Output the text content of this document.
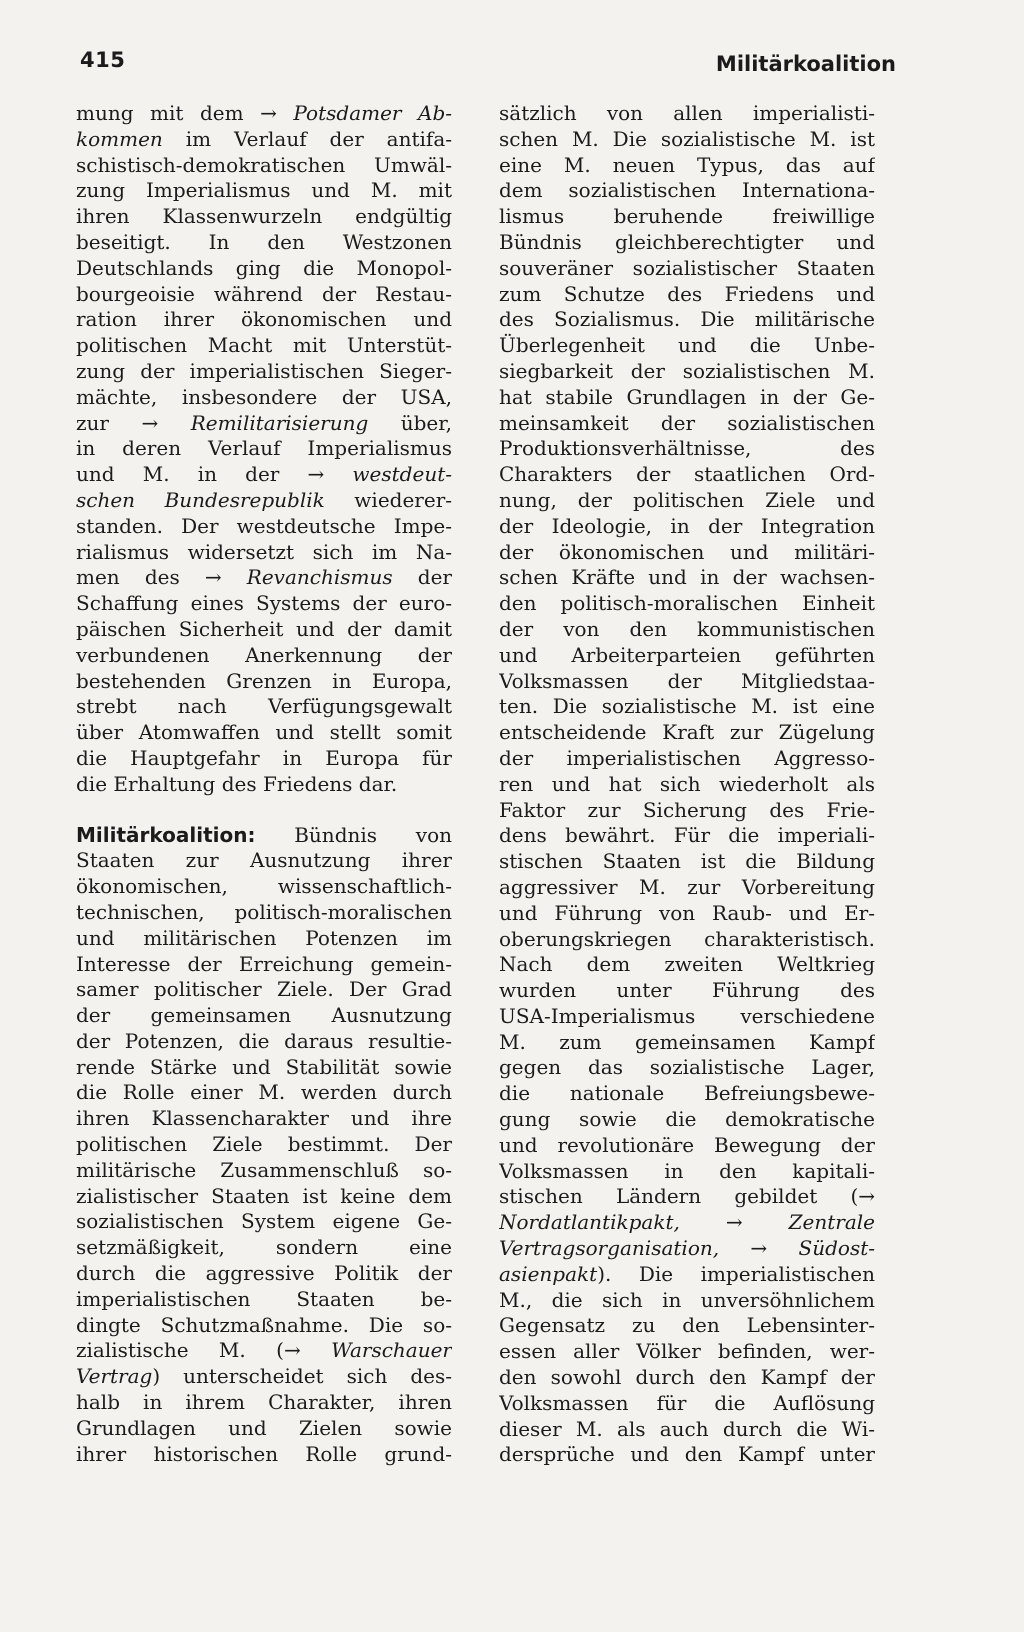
415	Militärkoalition
mung mit dem → Potsdamer Ab-
kommen im Verlauf der antifa-
schistisch-demokratischen Umwäl-
zung Imperialismus und M. mit
ihren Klassenwurzeln endgültig
beseitigt. In den Westzonen
Deutschlands ging die Monopol-
bourgeoisie während der Restau-
ration ihrer ökonomischen und
politischen Macht mit Unterstüt-
zung der imperialistischen Sieger-
mächte, insbesondere der USA,
zur → Remilitarisierung über,
in deren Verlauf Imperialismus
und M. in der → westdeut-
schen Bundesrepublik wiederer-
standen. Der westdeutsche Impe-
rialismus widersetzt sich im Na-
men des → Revanchismus der
Schaffung eines Systems der euro-
päischen Sicherheit und der damit
verbundenen Anerkennung der
bestehenden Grenzen in Europa,
strebt nach Verfügungsgewalt
über Atomwaffen und stellt somit
die Hauptgefahr in Europa für
die Erhaltung des Friedens dar.
Militärkoalition: Bündnis von
Staaten zur Ausnutzung ihrer
ökonomischen, wissenschaftlich-
technischen, politisch-moralischen
und militärischen Potenzen im
Interesse der Erreichung gemein-
samer politischer Ziele. Der Grad
der gemeinsamen Ausnutzung
der Potenzen, die daraus resultie-
rende Stärke und Stabilität sowie
die Rolle einer M. werden durch
ihren Klassencharakter und ihre
politischen Ziele bestimmt. Der
militärische Zusammenschluß so-
zialistischer Staaten ist keine dem
sozialistischen System eigene Ge-
setzmäßigkeit, sondern eine
durch die aggressive Politik der
imperialistischen Staaten be-
dingte Schutzmaßnahme. Die so-
zialistische M. (→ Warschauer
Vertrag) unterscheidet sich des-
halb in ihrem Charakter, ihren
Grundlagen und Zielen sowie
ihrer historischen Rolle grund-
sätzlich von allen imperialisti-
schen M. Die sozialistische M. ist
eine M. neuen Typus, das auf
dem sozialistischen Internationa-
lismus beruhende freiwillige
Bündnis gleichberechtigter und
souveräner sozialistischer Staaten
zum Schutze des Friedens und
des Sozialismus. Die militärische
Überlegenheit und die Unbe-
siegbarkeit der sozialistischen M.
hat stabile Grundlagen in der Ge-
meinsamkeit der sozialistischen
Produktionsverhältnisse, des
Charakters der staatlichen Ord-
nung, der politischen Ziele und
der Ideologie, in der Integration
der ökonomischen und militäri-
schen Kräfte und in der wachsen-
den politisch-moralischen Einheit
der von den kommunistischen
und Arbeiterparteien geführten
Volksmassen der Mitgliedstaa-
ten. Die sozialistische M. ist eine
entscheidende Kraft zur Zügelung
der imperialistischen Aggresso-
ren und hat sich wiederholt als
Faktor zur Sicherung des Frie-
dens bewährt. Für die imperiali-
stischen Staaten ist die Bildung
aggressiver M. zur Vorbereitung
und Führung von Raub- und Er-
oberungskriegen charakteristisch.
Nach dem zweiten Weltkrieg
wurden unter Führung des
USA-Imperialismus verschiedene
M. zum gemeinsamen Kampf
gegen das sozialistische Lager,
die nationale Befreiungsbewe-
gung sowie die demokratische
und revolutionäre Bewegung der
Volksmassen in den kapitali-
stischen Ländern gebildet (→
Nordatlantikpakt, → Zentrale
Vertragsorganisation, → Südost-
asienpakt). Die imperialistischen
M., die sich in unversöhnlichem
Gegensatz zu den Lebensinter-
essen aller Völker befinden, wer-
den sowohl durch den Kampf der
Volksmassen für die Auflösung
dieser M. als auch durch die Wi-
dersprüche und den Kampf unter
